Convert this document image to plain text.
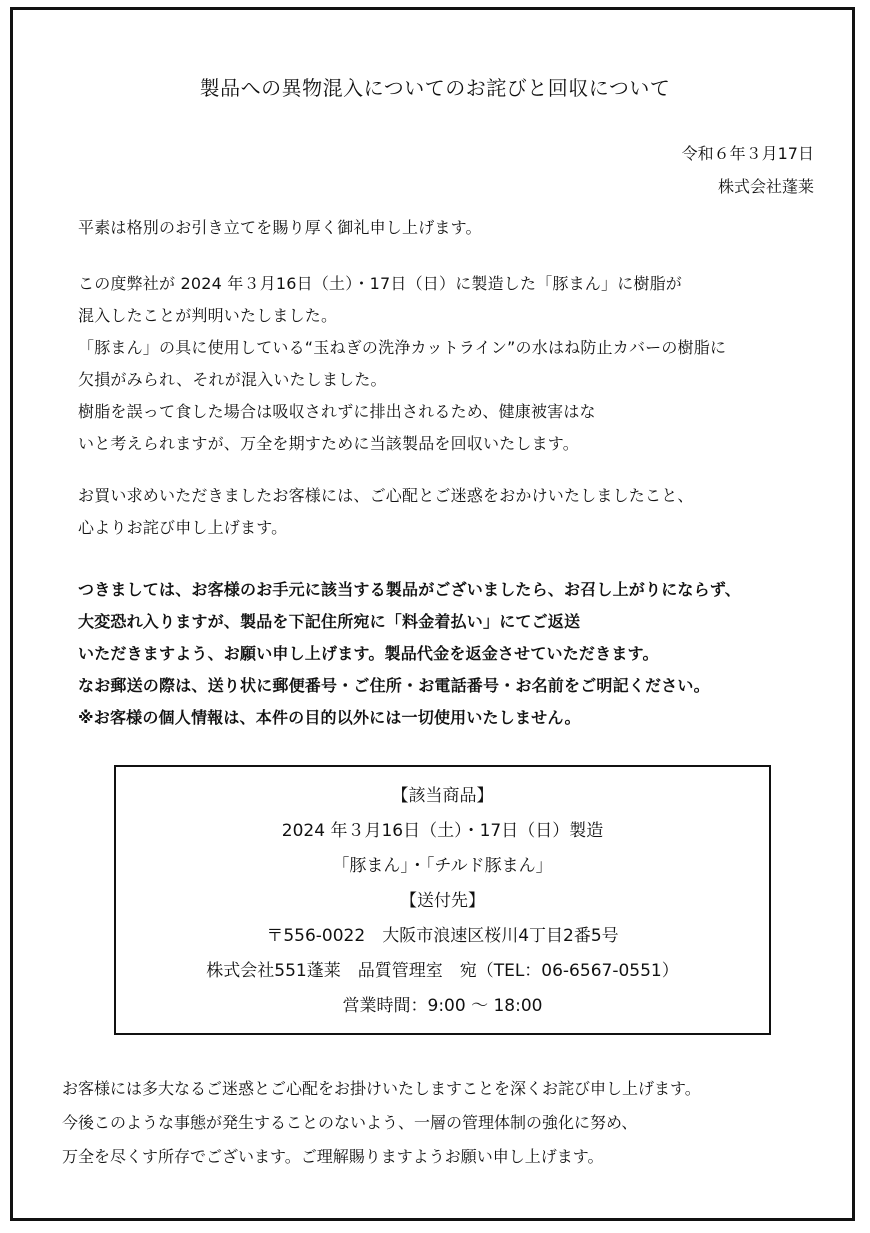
製品への異物混入についてのお詫びと回収について
令和６年３月17日
株式会社蓬莱
平素は格別のお引き立てを賜り厚く御礼申し上げます。
この度弊社が 2024 年３月16日（土）・17日（日）に製造した「豚まん」に樹脂が
混入したことが判明いたしました。
「豚まん」の具に使用している“玉ねぎの洗浄カットライン”の水はね防止カバーの樹脂に
欠損がみられ、それが混入いたしました。
樹脂を誤って食した場合は吸収されずに排出されるため、健康被害はな
いと考えられますが、万全を期すために当該製品を回収いたします。
お買い求めいただきましたお客様には、ご心配とご迷惑をおかけいたしましたこと、
心よりお詫び申し上げます。
つきましては、お客様のお手元に該当する製品がございましたら、お召し上がりにならず、
大変恐れ入りますが、製品を下記住所宛に「料金着払い」にてご返送
いただきますよう、お願い申し上げます。製品代金を返金させていただきます。
なお郵送の際は、送り状に郵便番号・ご住所・お電話番号・お名前をご明記ください。
※お客様の個人情報は、本件の目的以外には一切使用いたしません。
【該当商品】
2024 年３月16日（土）・17日（日）製造
「豚まん」・「チルド豚まん」
【送付先】
〒556-0022　大阪市浪速区桜川4丁目2番5号
株式会社551蓬莱　品質管理室　宛（TEL：06-6567-0551）
営業時間：9:00 ～ 18:00
お客様には多大なるご迷惑とご心配をお掛けいたしますことを深くお詫び申し上げます。
今後このような事態が発生することのないよう、一層の管理体制の強化に努め、
万全を尽くす所存でございます。ご理解賜りますようお願い申し上げます。
